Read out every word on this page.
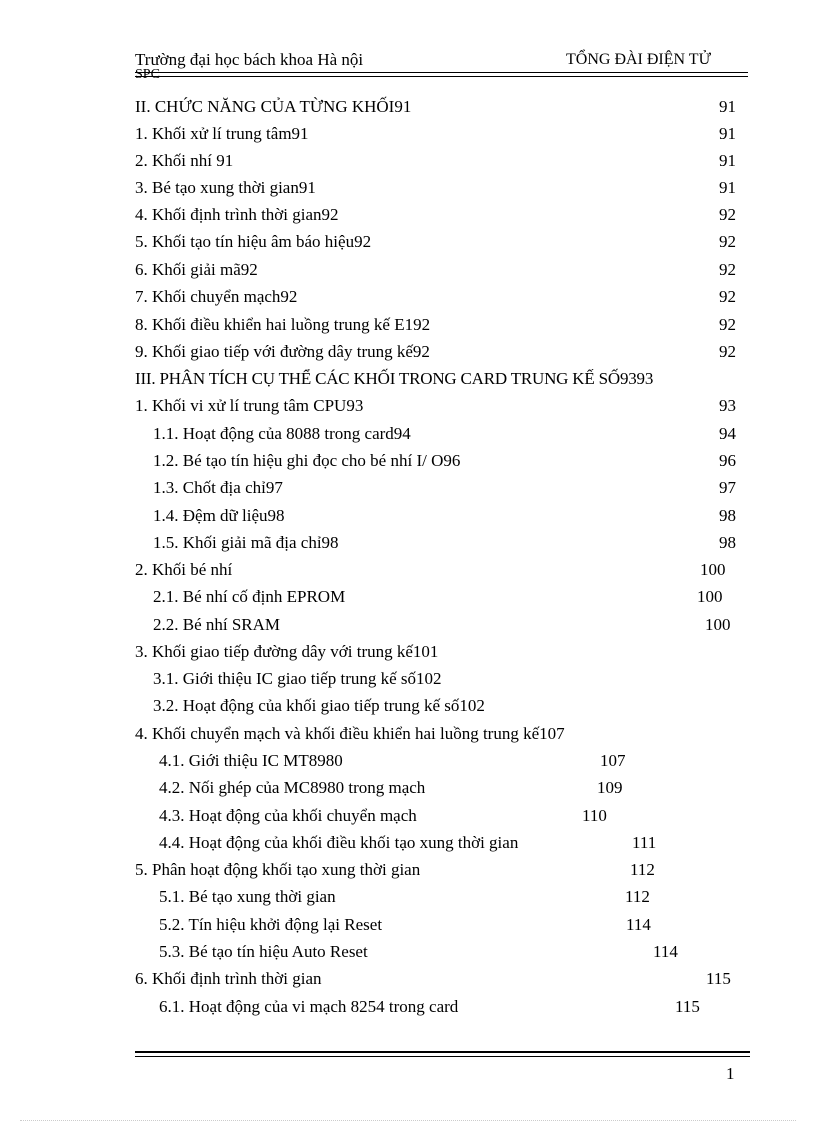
Trường đại học bách khoa Hà nội	TỔNG ĐÀI ĐIỆN TỬ
SPC
II. CHỨC NĂNG CỦA TỪNG KHỐI91	91
1. Khối xử lí trung tâm91	91
2. Khối nhí 91	91
3. Bé tạo xung thời gian91	91
4. Khối định trình thời gian92	92
5. Khối tạo tín hiệu âm báo hiệu92	92
6. Khối giải mã92	92
7. Khối chuyển mạch92	92
8. Khối điều khiển hai luồng trung kế E192	92
9. Khối giao tiếp với đường dây trung kế92	92
III. PHÂN TÍCH CỤ THỂ CÁC KHỐI TRONG CARD TRUNG KẾ SỐ9393
1. Khối vi xử lí trung tâm CPU93	93
1.1. Hoạt động của 8088 trong card94	94
1.2. Bé tạo tín hiệu ghi đọc cho bé nhí I/ O96	96
1.3. Chốt địa chỉ97	97
1.4. Đệm dữ liệu98	98
1.5. Khối giải mã địa chỉ98	98
2. Khối bé nhí	100
2.1. Bé nhí cố định EPROM	100
2.2. Bé nhí SRAM	100
3. Khối giao tiếp đường dây với trung kế101
3.1. Giới thiệu IC giao tiếp trung kế số102
3.2. Hoạt động của khối giao tiếp trung kế số102
4. Khối chuyển mạch và khối điều khiển hai luồng trung kế107
4.1. Giới thiệu IC MT8980	107
4.2. Nối ghép của MC8980 trong mạch	109
4.3. Hoạt động của khối chuyển mạch	110
4.4. Hoạt động của khối điều khối tạo xung thời gian	111
5. Phân hoạt động khối tạo xung thời gian	112
5.1. Bé tạo xung thời gian	112
5.2. Tín hiệu khởi động lại Reset	114
5.3. Bé tạo tín hiệu Auto Reset	114
6. Khối định trình thời gian	115
6.1. Hoạt động của vi mạch 8254 trong card	115
1
